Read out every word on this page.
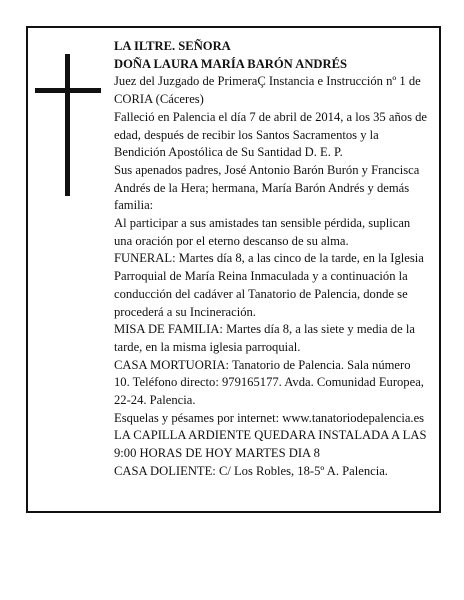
LA ILTRE. SEÑORA

DOÑA LAURA MARÍA BARÓN ANDRÉS

Juez del Juzgado de PrimeraÇ Instancia e Instrucción nº 1 de CORIA (Cáceres)

Falleció en Palencia el día 7 de abril de 2014, a los 35 años de edad, después de recibir los Santos Sacramentos y la Bendición Apostólica de Su Santidad D. E. P.

Sus apenados padres, José Antonio Barón Burón y Francisca Andrés de la Hera; hermana, María Barón Andrés y demás familia:

Al participar a sus amistades tan sensible pérdida, suplican una oración por el eterno descanso de su alma.

FUNERAL: Martes día 8, a las cinco de la tarde, en la Iglesia Parroquial de María Reina Inmaculada y a continuación la conducción del cadáver al Tanatorio de Palencia, donde se procederá a su Incineración.

MISA DE FAMILIA: Martes día 8, a las siete y media de la tarde, en la misma iglesia parroquial.

CASA MORTUORIA: Tanatorio de Palencia. Sala número 10. Teléfono directo: 979165177. Avda. Comunidad Europea, 22-24. Palencia.

Esquelas y pésames por internet: www.tanatoriodepalencia.es

LA CAPILLA ARDIENTE QUEDARA INSTALADA A LAS 9:00 HORAS DE HOY MARTES DIA 8

CASA DOLIENTE: C/ Los Robles, 18-5º A. Palencia.
